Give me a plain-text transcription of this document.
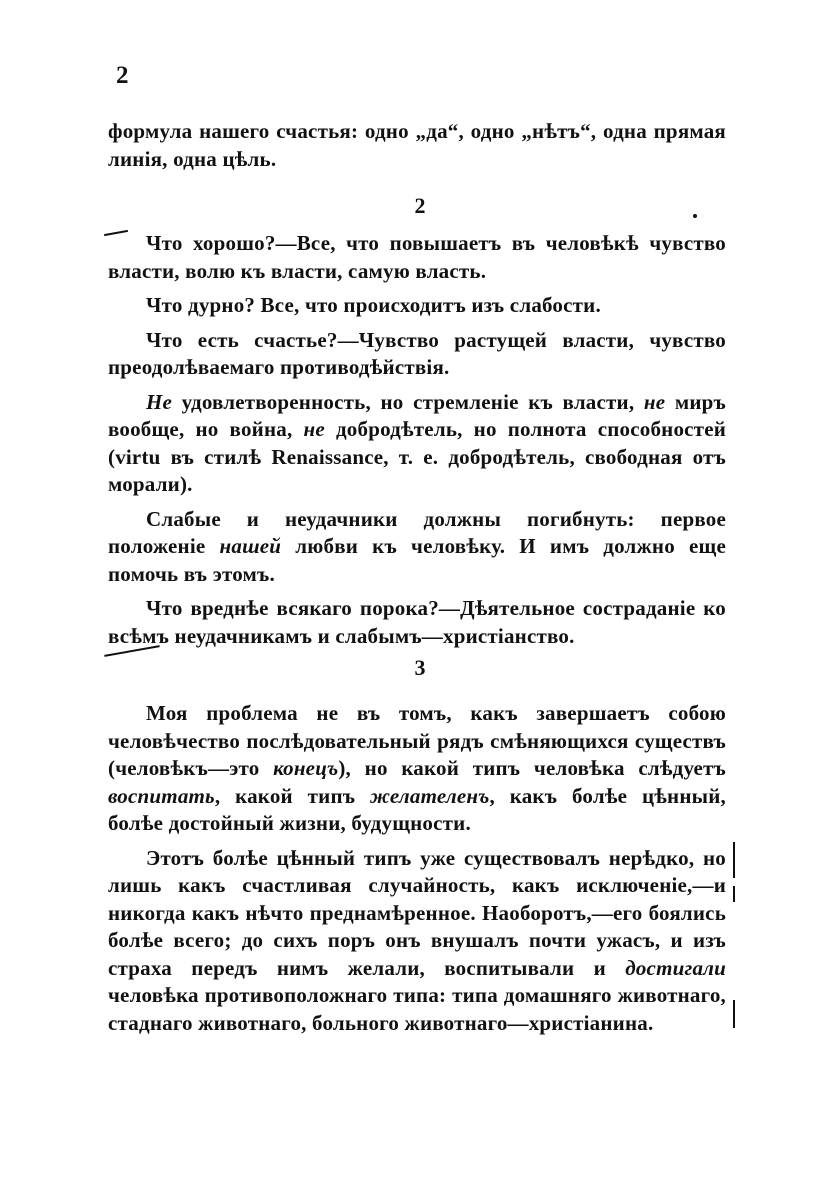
2

формула нашего счастья: одно „да“, одно „нѣтъ“, одна прямая линія, одна цѣль.

2

Что хорошо?—Все, что повышаетъ въ человѣкѣ чувство власти, волю къ власти, самую власть.

Что дурно? Все, что происходитъ изъ слабости.

Что есть счастье?—Чувство растущей власти, чувство преодолѣваемаго противодѣйствія.

Не удовлетворенность, но стремленіе къ власти, не миръ вообще, но война, не добродѣтель, но полнота способностей (virtu въ стилѣ Renaissance, т. е. добродѣтель, свободная отъ морали).

Слабые и неудачники должны погибнуть: первое положеніе нашей любви къ человѣку. И имъ должно еще помочь въ этомъ.

Что вреднѣе всякаго порока?—Дѣятельное состраданіе ко всѣмъ неудачникамъ и слабымъ—христіанство.

3

Моя проблема не въ томъ, какъ завершаетъ собою человѣчество послѣдовательный рядъ смѣняющихся существъ (человѣкъ—это конецъ), но какой типъ человѣка слѣдуетъ воспитать, какой типъ желателенъ, какъ болѣе цѣнный, болѣе достойный жизни, будущности.

Этотъ болѣе цѣнный типъ уже существовалъ нерѣдко, но лишь какъ счастливая случайность, какъ исключеніе,—и никогда какъ нѣчто преднамѣренное. Наоборотъ,—его боялись болѣе всего; до сихъ поръ онъ внушалъ почти ужасъ, и изъ страха передъ нимъ желали, воспитывали и достигали человѣка противоположнаго типа: типа домашняго животнаго, стаднаго животнаго, больного животнаго—христіанина.
